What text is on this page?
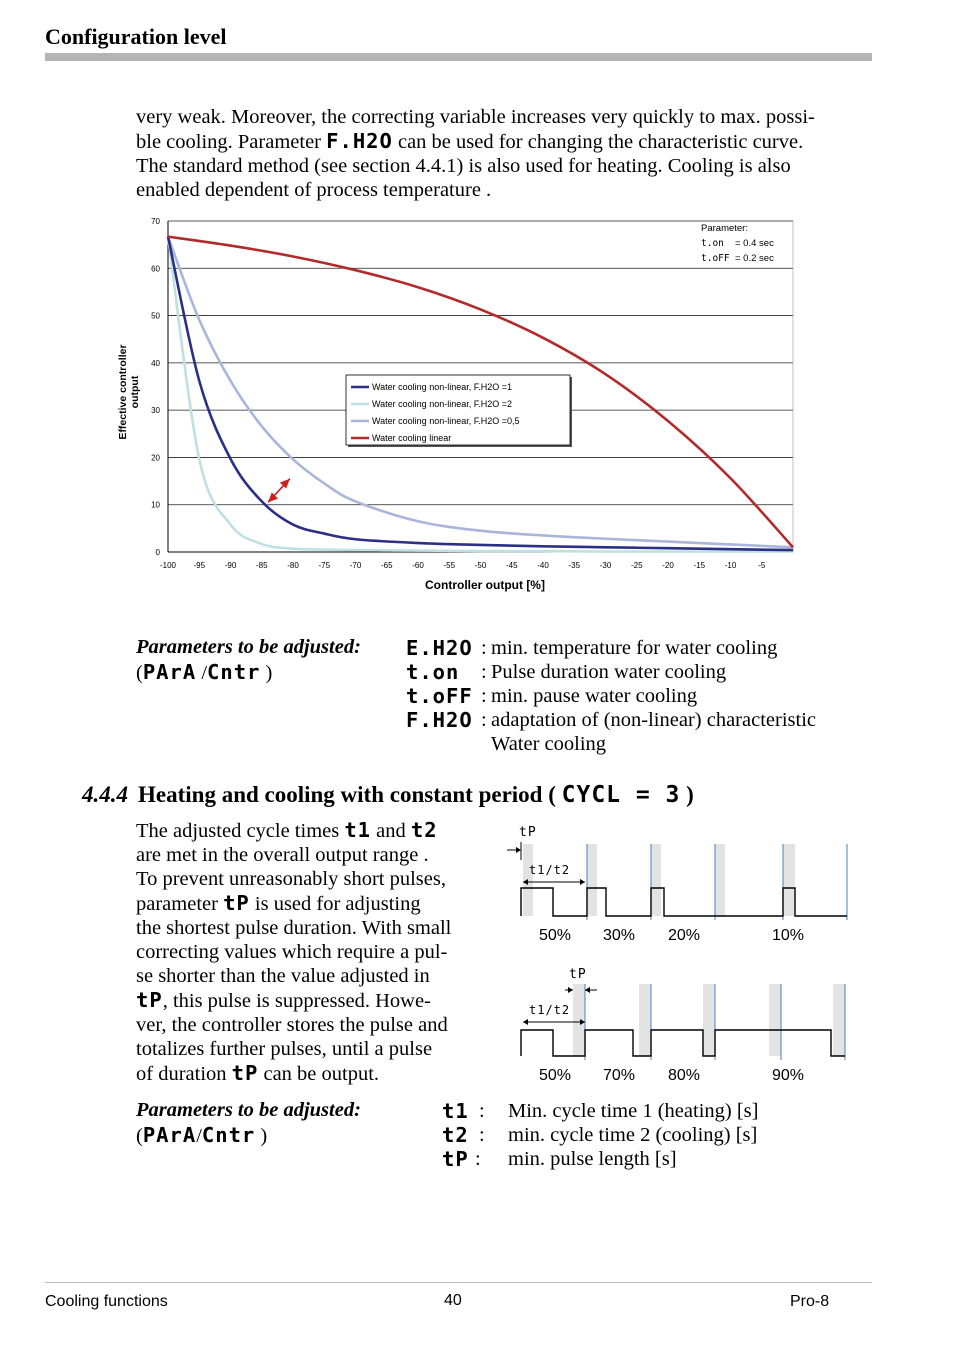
Configuration level

very weak. Moreover, the correcting variable increases very quickly to max. possi-

ble cooling. Parameter F.H2O can be used for changing the characteristic curve.

The standard method (see section 4.4.1) is also used for heating. Cooling is also

enabled dependent of process temperature .

Effective controller output
0
10
20
30
40
50
60
70
-100 -95 -90 -85 -80 -75 -70 -65 -60 -55 -50 -45 -40 -35 -30 -25 -20 -15 -10	-5
Water cooling non-linear, F.H2O =1
Water cooling non-linear, F.H2O =2
Water cooling non-linear, F.H2O =0,5
Water cooling linear
Parameter:
t.on = 0.4 sec
t.oFF = 0.2 sec
Controller output [%]
Parameters to be adjusted:
(PArA /Cntr )
E.H2O : min. temperature for water cooling
t.on : Pulse duration water cooling
t.oFF : min. pause water cooling
F.H2O : adaptation of (non-linear) characteristic
Water cooling
4.4.4 Heating and cooling with constant period ( CYCL = 3 )
The adjusted cycle times t1 and t2
are met in the overall output range .
To prevent unreasonably short pulses,
parameter tP is used for adjusting
the shortest pulse duration. With small
correcting values which require a pul-
se shorter than the value adjusted in
tP, this pulse is suppressed. Howe-
ver, the controller stores the pulse and
totalizes further pulses, until a pulse
of duration tP can be output.
tP
t1/t2
50% 30% 20%	10%
tP
t1/t2
50% 70% 80%	90%
Parameters to be adjusted:
(PArA/Cntr )
t1 : Min. cycle time 1 (heating) [s]
t2 : min. cycle time 2 (cooling) [s]
tP : min. pulse length [s]
Cooling functions	40	Pro-8
